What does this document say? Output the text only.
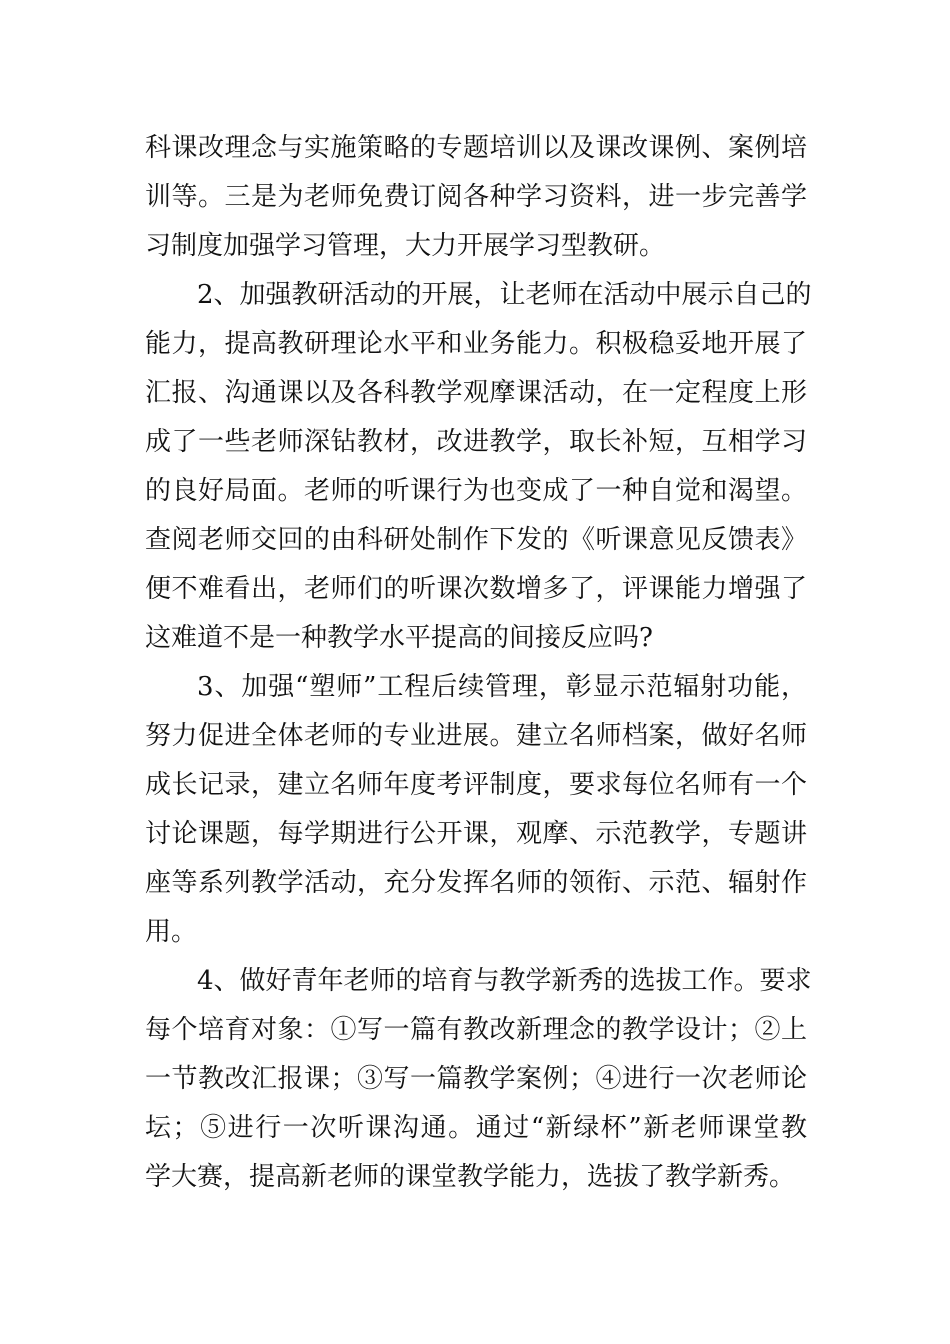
科课改理念与实施策略的专题培训以及课改课例、案例培
训等。三是为老师免费订阅各种学习资料，进一步完善学
习制度加强学习管理，大力开展学习型教研。
2、加强教研活动的开展，让老师在活动中展示自己的
能力，提高教研理论水平和业务能力。积极稳妥地开展了
汇报、沟通课以及各科教学观摩课活动，在一定程度上形
成了一些老师深钻教材，改进教学，取长补短，互相学习
的良好局面。老师的听课行为也变成了一种自觉和渴望。
查阅老师交回的由科研处制作下发的《听课意见反馈表》
便不难看出，老师们的听课次数增多了，评课能力增强了
这难道不是一种教学水平提高的间接反应吗?
3、加强“塑师”工程后续管理，彰显示范辐射功能，
努力促进全体老师的专业进展。建立名师档案，做好名师
成长记录，建立名师年度考评制度，要求每位名师有一个
讨论课题，每学期进行公开课，观摩、示范教学，专题讲
座等系列教学活动，充分发挥名师的领衔、示范、辐射作
用。
4、做好青年老师的培育与教学新秀的选拔工作。要求
每个培育对象：①写一篇有教改新理念的教学设计；②上
一节教改汇报课；③写一篇教学案例；④进行一次老师论
坛；⑤进行一次听课沟通。通过“新绿杯”新老师课堂教
学大赛，提高新老师的课堂教学能力，选拔了教学新秀。
